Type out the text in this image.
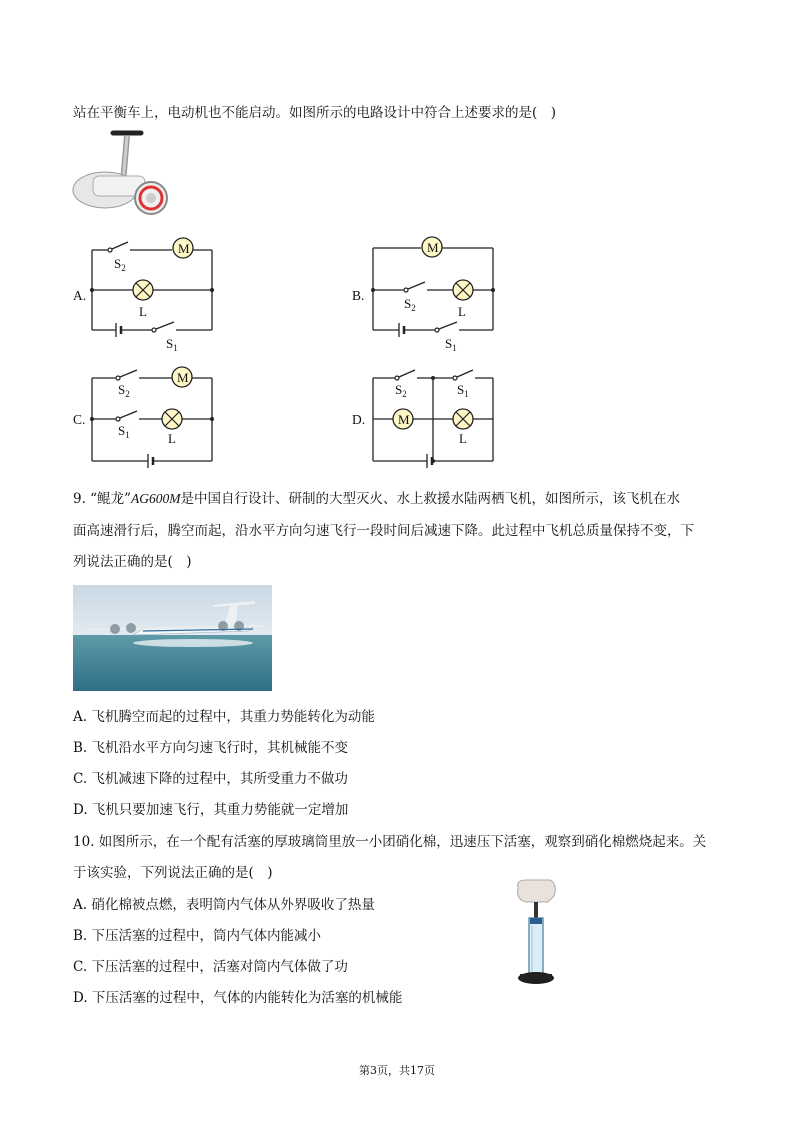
站在平衡车上，电动机也不能启动。如图所示的电路设计中符合上述要求的是(　)
A.
M
$S_2$
L
$S_1$
B.
M
$S_2$	L
$S_1$
C.
M
$S_2$
$S_1$	L
D.
$S_2$	$S_1$
M
L
9. “鲲龙”AG600M是中国自行设计、研制的大型灭火、水上救援水陆两栖飞机，如图所示，该飞机在水
面高速滑行后，腾空而起，沿水平方向匀速飞行一段时间后减速下降。此过程中飞机总质量保持不变，下
列说法正确的是(　)
A. 飞机腾空而起的过程中，其重力势能转化为动能
B. 飞机沿水平方向匀速飞行时，其机械能不变
C. 飞机减速下降的过程中，其所受重力不做功
D. 飞机只要加速飞行，其重力势能就一定增加
10. 如图所示，在一个配有活塞的厚玻璃筒里放一小团硝化棉，迅速压下活塞，观察到硝化棉燃烧起来。关
于该实验，下列说法正确的是(　)
A. 硝化棉被点燃，表明筒内气体从外界吸收了热量
B. 下压活塞的过程中，筒内气体内能减小
C. 下压活塞的过程中，活塞对筒内气体做了功
D. 下压活塞的过程中，气体的内能转化为活塞的机械能
第3页，共17页
